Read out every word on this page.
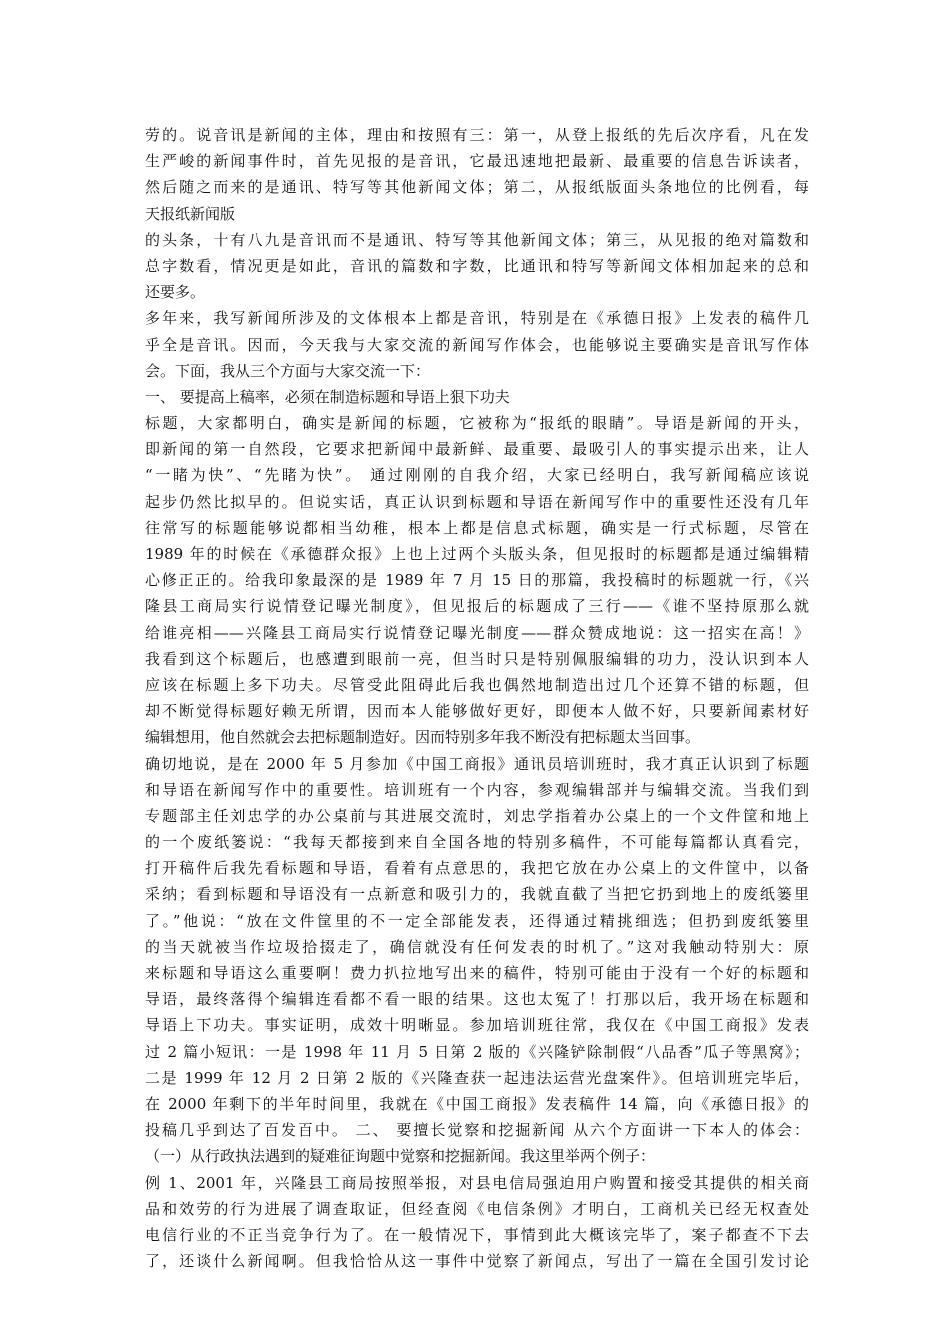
劳的。说音讯是新闻的主体，理由和按照有三：第一，从登上报纸的先后次序看，凡在发
生严峻的新闻事件时，首先见报的是音讯，它最迅速地把最新、最重要的信息告诉读者，
然后随之而来的是通讯、特写等其他新闻文体；第二，从报纸版面头条地位的比例看，每
天报纸新闻版
的头条，十有八九是音讯而不是通讯、特写等其他新闻文体；第三，从见报的绝对篇数和
总字数看，情况更是如此，音讯的篇数和字数，比通讯和特写等新闻文体相加起来的总和
还要多。
多年来，我写新闻所涉及的文体根本上都是音讯，特别是在《承德日报》上发表的稿件几
乎全是音讯。因而，今天我与大家交流的新闻写作体会，也能够说主要确实是音讯写作体
会。下面，我从三个方面与大家交流一下：
一、 要提高上稿率，必须在制造标题和导语上狠下功夫
标题，大家都明白，确实是新闻的标题，它被称为“报纸的眼睛”。导语是新闻的开头，
即新闻的第一自然段，它要求把新闻中最新鲜、最重要、最吸引人的事实提示出来，让人
“一睹为快”、“先睹为快”。 通过刚刚的自我介绍，大家已经明白，我写新闻稿应该说
起步仍然比拟早的。但说实话，真正认识到标题和导语在新闻写作中的重要性还没有几年
往常写的标题能够说都相当幼稚，根本上都是信息式标题，确实是一行式标题，尽管在
1989 年的时候在《承德群众报》上也上过两个头版头条，但见报时的标题都是通过编辑精
心修正正的。给我印象最深的是 1989 年 7 月 15 日的那篇，我投稿时的标题就一行，《兴
隆县工商局实行说情登记曝光制度》，但见报后的标题成了三行——《谁不坚持原那么就
给谁亮相——兴隆县工商局实行说情登记曝光制度——群众赞成地说：这一招实在高！》
我看到这个标题后，也感遭到眼前一亮，但当时只是特别佩服编辑的功力，没认识到本人
应该在标题上多下功夫。尽管受此阻碍此后我也偶然地制造出过几个还算不错的标题，但
却不断觉得标题好赖无所谓，因而本人能够做好更好，即便本人做不好，只要新闻素材好
编辑想用，他自然就会去把标题制造好。因而特别多年我不断没有把标题太当回事。
确切地说，是在 2000 年 5 月参加《中国工商报》通讯员培训班时，我才真正认识到了标题
和导语在新闻写作中的重要性。培训班有一个内容，参观编辑部并与编辑交流。当我们到
专题部主任刘忠学的办公桌前与其进展交流时，刘忠学指着办公桌上的一个文件筐和地上
的一个废纸篓说：“我每天都接到来自全国各地的特别多稿件，不可能每篇都认真看完，
打开稿件后我先看标题和导语，看着有点意思的，我把它放在办公桌上的文件筐中，以备
采纳；看到标题和导语没有一点新意和吸引力的，我就直截了当把它扔到地上的废纸篓里
了。”他说：“放在文件筐里的不一定全部能发表，还得通过精挑细选；但扔到废纸篓里
的当天就被当作垃圾拾掇走了，确信就没有任何发表的时机了。”这对我触动特别大：原
来标题和导语这么重要啊！费力扒拉地写出来的稿件，特别可能由于没有一个好的标题和
导语，最终落得个编辑连看都不看一眼的结果。这也太冤了！打那以后，我开场在标题和
导语上下功夫。事实证明，成效十明晰显。参加培训班往常，我仅在《中国工商报》发表
过 2 篇小短讯：一是 1998 年 11 月 5 日第 2 版的《兴隆铲除制假“八品香”瓜子等黑窝》；
二是 1999 年 12 月 2 日第 2 版的《兴隆查获一起违法运营光盘案件》。但培训班完毕后，
在 2000 年剩下的半年时间里，我就在《中国工商报》发表稿件 14 篇，向《承德日报》的
投稿几乎到达了百发百中。 二、 要擅长觉察和挖掘新闻 从六个方面讲一下本人的体会：
（一）从行政执法遇到的疑难征询题中觉察和挖掘新闻。我这里举两个例子：
例 1、2001 年，兴隆县工商局按照举报，对县电信局强迫用户购置和接受其提供的相关商
品和效劳的行为进展了调查取证，但经查阅《电信条例》才明白，工商机关已经无权查处
电信行业的不正当竞争行为了。在一般情况下，事情到此大概该完毕了，案子都查不下去
了，还谈什么新闻啊。但我恰恰从这一事件中觉察了新闻点，写出了一篇在全国引发讨论
